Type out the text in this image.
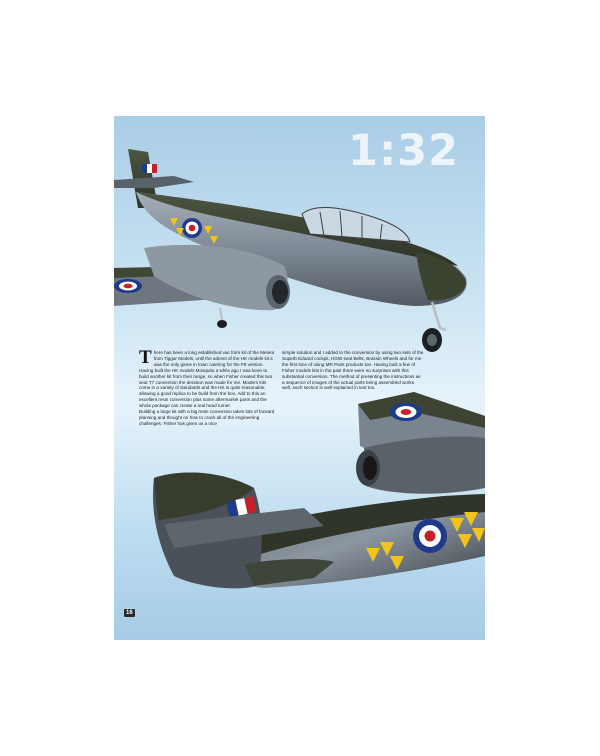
1:32
T here has been a long established vac form kit of the Meteor from Tiggar Models, until the advent of the HK models kit it was the only game in town catering for the F8 version. Having built the HK models Mosquito a while ago I was keen to build another kit from their range, so when Fisher created this two seat T7 conversion the decision was made for me. Modern kits come in a variety of standards and the HK is quite reasonable, allowing a good replica to be build from the box. Add to this an excellent resin conversion plus some aftermarket parts and the whole package can create a real head turner.
Building a large kit with a big resin conversion takes lots of forward planning and thought on how to crack all of the engineering challenges. Fisher has given us a nice
simple solution and I added to the conversion by using two sets of the Superb Eduard cockpit, HGW seat Belts, Brassin Wheels and for me the first time of using MR Paint products too. Having built a few of Fisher models kits in the past there were no surprises with this substantial conversion. The method of presenting the instructions as a sequence of images of the actual parts being assembled works well, each section is well explained in text too.
16
